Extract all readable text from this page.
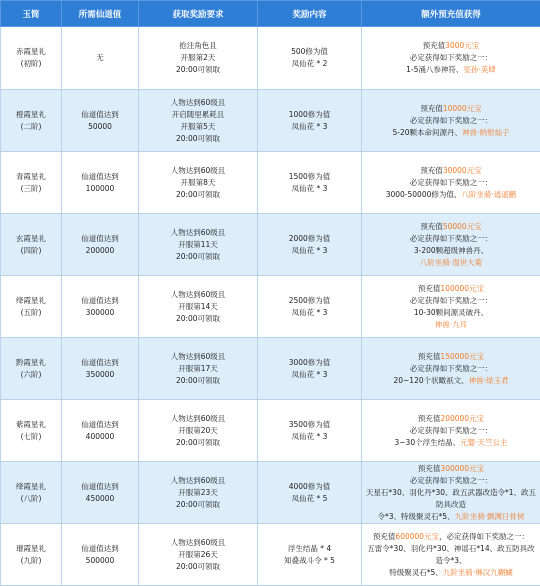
玉简	所需仙道值	获取奖励要求	奖励内容	额外预充值获得

赤霞星礼
(初阶)	无	抢注角色且
开服第2天
20:00可领取	500修为值
凤仙花 * 2	预充值3000元宝
必定获得如下奖励之一：
1-5涌八参神符、室孙·美肆

橙霞星礼
(二阶)	仙道值达到
50000	人物达到60级且
开启随里累耗且
开服第5天
20:00可领取	1000修为值
凤仙花 * 3	预充值10000元宝
必定获得如下奖励之一：
5-20颗本命间源丹、神兽·纳射灿子

青霞星礼
(三阶)	仙道值达到
100000	人物达到60级且
开服第8天
20:00可领取	1500修为值
凤仙花 * 3	预充值30000元宝
必定获得如下奖励之一：
3000-50000修为值、八阶坐骑·逍遥鹏

玄霞星礼
(四阶)	仙道值达到
200000	人物达到60级且
开服第11天
20:00可领取	2000修为值
凤仙花 * 3	预充值50000元宝
必定获得如下奖励之一：
3-200颗超级神兽丹、
八阶坐骑·湿世大菊

绛霞星礼
(五阶)	仙道值达到
300000	人物达到60级且
开服第14天
20:00可领取	2500修为值
凤仙花 * 3	预充值100000元宝
必定获得如下奖励之一：
10-30颗间源灵破丹、
神兽·九耳

黔霞星礼
(六阶)	仙道值达到
350000	人物达到60级且
开服第17天
20:00可领取	3000修为值
凤仙花 * 3	预充值150000元宝
必定获得如下奖励之一：
20~120个状瞰祇文、神兽·绿玉君

紫霞星礼
(七阶)	仙道值达到
400000	人物达到60级且
开服第20天
20:00可领取	3500修为值
凤仙花 * 3	预充值200000元宝
必定获得如下奖励之一：
3~30个浮生结晶、元婴·天竺公主

绛霞星礼
(八阶)	仙道值达到
450000	人物达到60级且
开服第23天
20:00可领取	4000修为值
凤仙花 * 5	预充值300000元宝
必定获得如下奖励之一：
天星石*30、羽化丹*30、政五武器改造令*1、政五防具改造
令*3、特级聚灵石*5、九阶坐骑·飘渊日骨树

璀霞星礼
(九阶)	仙道值达到
500000	人物达到60级且
开服第26天
20:00可领取	浮生结晶 * 4
知叠战斗令 * 5	预充值600000元宝，必定获得如下奖励之一：
五雷令*30、羽化丹*30、神谣石*14、政五防具改造令*3、
特级聚灵石*5、九阶坐骑·琳汉九糊蝴
